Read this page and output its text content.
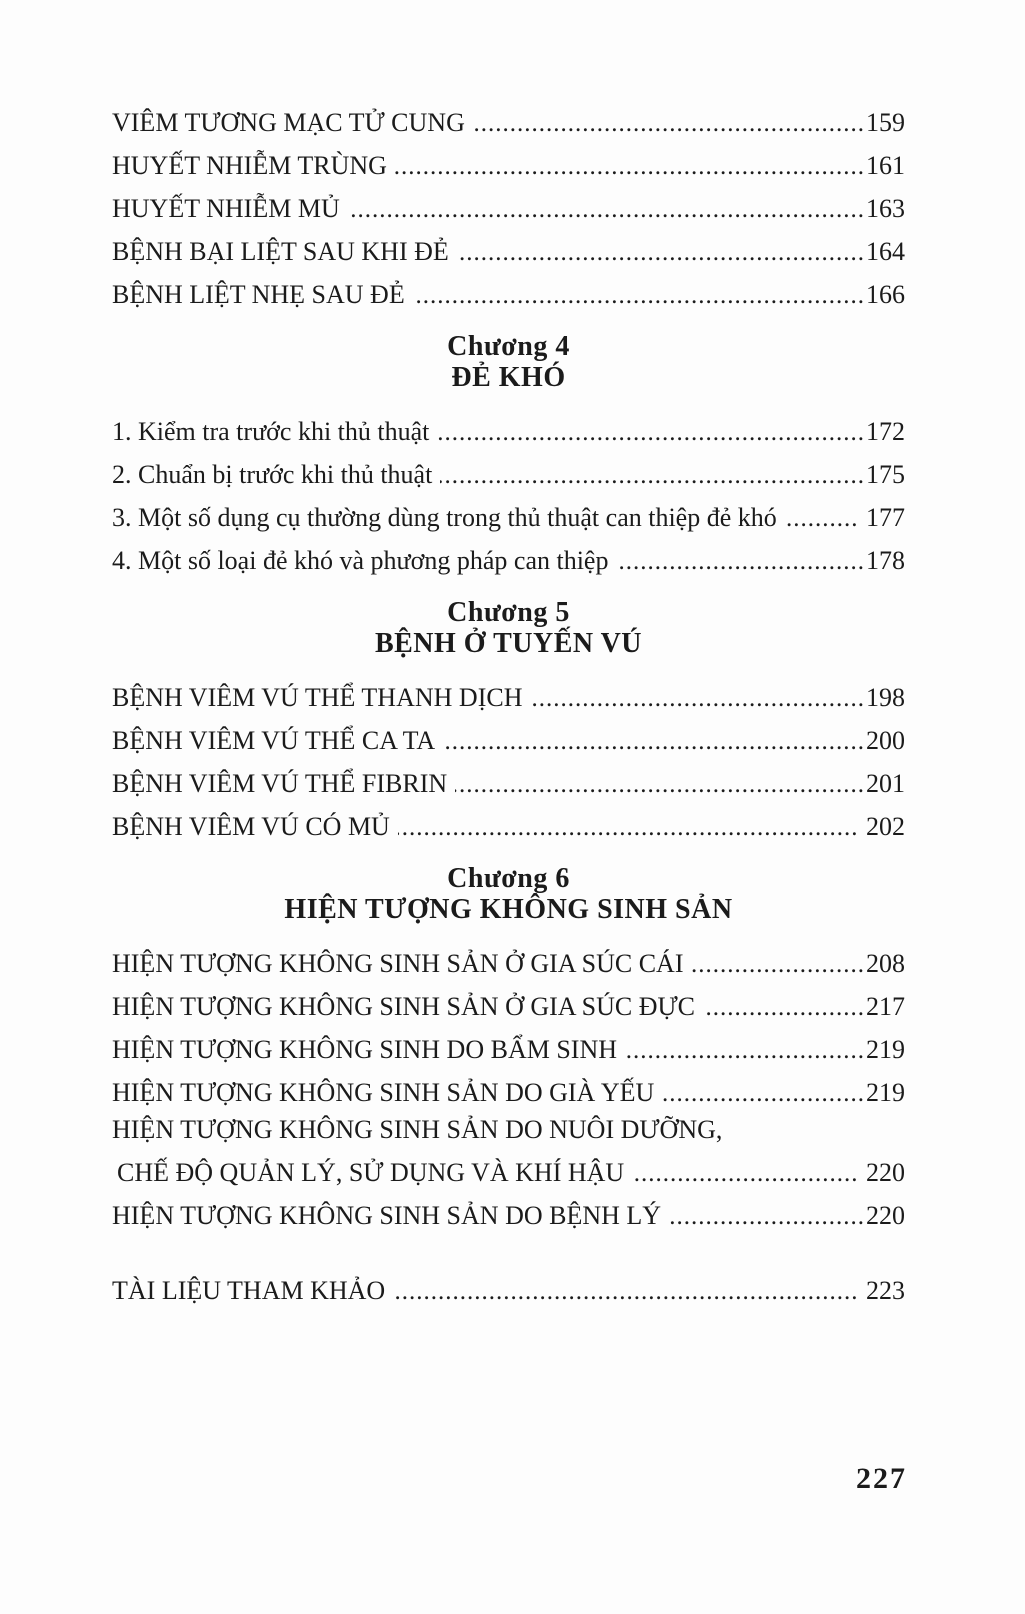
VIÊM TƯƠNG MẠC TỬ CUNG .....	159
HUYẾT NHIỄM TRÙNG .....	161
HUYẾT NHIỄM MỦ .....	163
BỆNH BẠI LIỆT SAU KHI ĐẺ .....	164
BỆNH LIỆT NHẸ SAU ĐẺ .....	166
Chương 4
ĐẺ KHÓ
1. Kiểm tra trước khi thủ thuật .....	172
2. Chuẩn bị trước khi thủ thuật .....	175
3. Một số dụng cụ thường dùng trong thủ thuật can thiệp đẻ khó .....	177
4. Một số loại đẻ khó và phương pháp can thiệp .....	178
Chương 5
BỆNH Ở TUYẾN VÚ
BỆNH VIÊM VÚ THỂ THANH DỊCH .....	198
BỆNH VIÊM VÚ THỂ CA TA .....	200
BỆNH VIÊM VÚ THỂ FIBRIN .....	201
BỆNH VIÊM VÚ CÓ MỦ .....	202
Chương 6
HIỆN TƯỢNG KHÔNG SINH SẢN
HIỆN TƯỢNG KHÔNG SINH SẢN Ở GIA SÚC CÁI .....	208
HIỆN TƯỢNG KHÔNG SINH SẢN Ở GIA SÚC ĐỰC .....	217
HIỆN TƯỢNG KHÔNG SINH DO BẨM SINH .....	219
HIỆN TƯỢNG KHÔNG SINH SẢN DO GIÀ YẾU .....	219
HIỆN TƯỢNG KHÔNG SINH SẢN DO NUÔI DƯỠNG,
CHẾ ĐỘ QUẢN LÝ, SỬ DỤNG VÀ KHÍ HẬU .....	220
HIỆN TƯỢNG KHÔNG SINH SẢN DO BỆNH LÝ .....	220
TÀI LIỆU THAM KHẢO .....	223
227
